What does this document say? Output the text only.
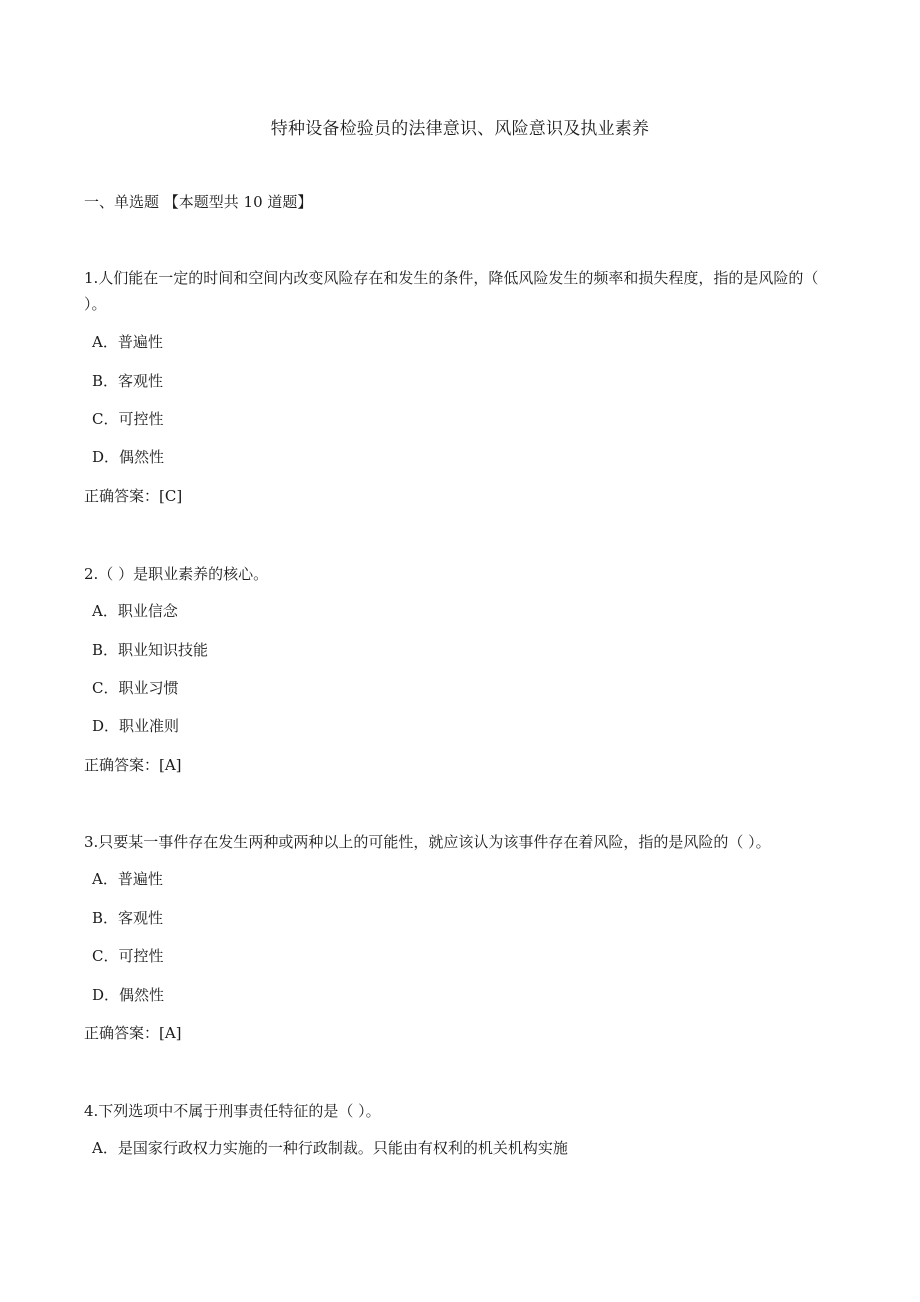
特种设备检验员的法律意识、风险意识及执业素养
一、单选题 【本题型共 10 道题】
1.人们能在一定的时间和空间内改变风险存在和发生的条件，降低风险发生的频率和损失程度，指的是风险的（ ）。
A．普遍性
B．客观性
C．可控性
D．偶然性
正确答案：[C]
2.（ ）是职业素养的核心。
A．职业信念
B．职业知识技能
C．职业习惯
D．职业准则
正确答案：[A]
3.只要某一事件存在发生两种或两种以上的可能性，就应该认为该事件存在着风险，指的是风险的（ ）。
A．普遍性
B．客观性
C．可控性
D．偶然性
正确答案：[A]
4.下列选项中不属于刑事责任特征的是（ ）。
A．是国家行政权力实施的一种行政制裁。只能由有权利的机关机构实施
